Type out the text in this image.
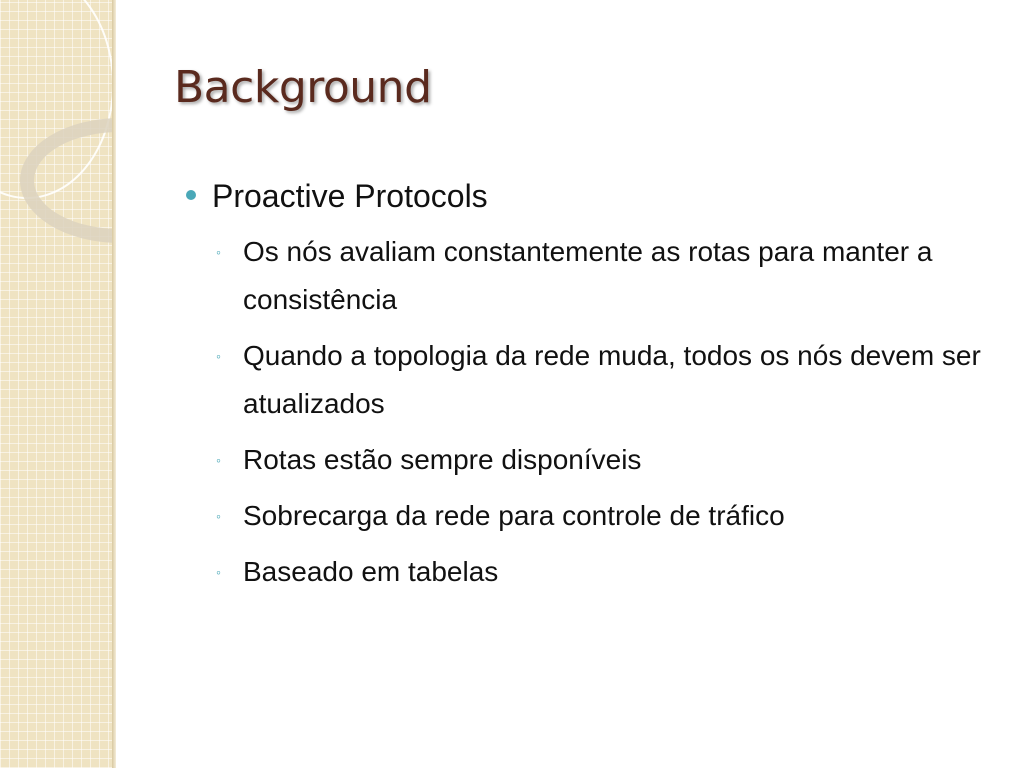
Background
Proactive Protocols
◦ Os nós avaliam constantemente as rotas para manter a consistência
◦ Quando a topologia da rede muda, todos os nós devem ser atualizados
◦ Rotas estão sempre disponíveis
◦ Sobrecarga da rede para controle de tráfico
◦ Baseado em tabelas
